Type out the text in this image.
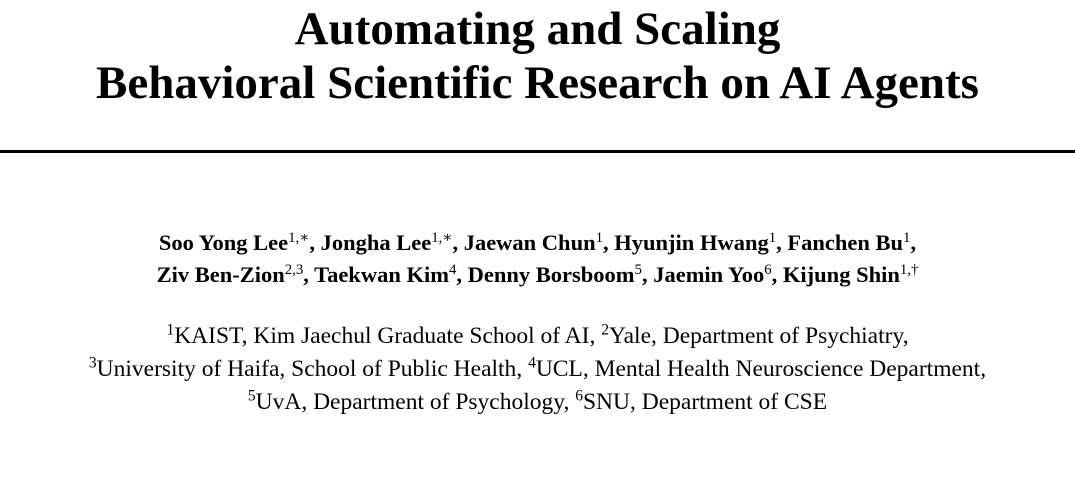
Automating and Scaling
Behavioral Scientific Research on AI Agents
Soo Yong Lee$^{1,∗}$, Jongha Lee$^{1,∗}$, Jaewan Chun$^1$, Hyunjin Hwang$^1$, Fanchen Bu$^1$,
Ziv Ben-Zion$^{2,3}$, Taekwan Kim$^4$, Denny Borsboom$^5$, Jaemin Yoo$^6$, Kijung Shin$^{1,\dagger}$
$^1$KAIST, Kim Jaechul Graduate School of AI, $^2$Yale, Department of Psychiatry,
$^3$University of Haifa, School of Public Health, $^4$UCL, Mental Health Neuroscience Department,
$^5$UvA, Department of Psychology, $^6$SNU, Department of CSE
